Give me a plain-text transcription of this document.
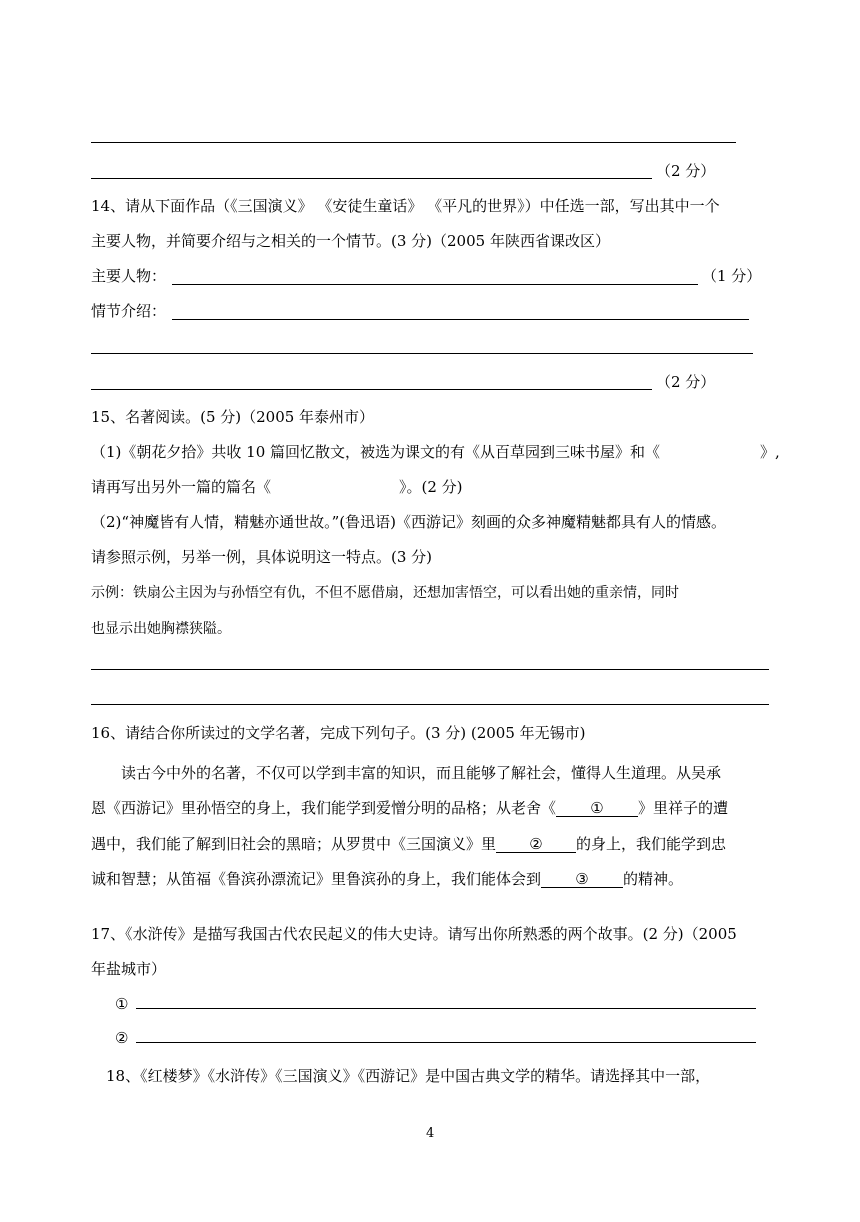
（2 分）
14、请从下面作品（《三国演义》 《安徒生童话》 《平凡的世界》）中任选一部，写出其中一个
主要人物，并简要介绍与之相关的一个情节。(3 分)（2005 年陕西省课改区）
主要人物：	（1 分）
情节介绍：
（2 分）
15、名著阅读。(5 分)（2005 年泰州市）
（1)《朝花夕拾》共收 10 篇回忆散文，被选为课文的有《从百草园到三味书屋》和《	》,
请再写出另外一篇的篇名《	》。(2 分)
（2)“神魔皆有人情，精魅亦通世故。”(鲁迅语)《西游记》刻画的众多神魔精魅都具有人的情感。
请参照示例，另举一例，具体说明这一特点。(3 分)
示例：铁扇公主因为与孙悟空有仇，不但不愿借扇，还想加害悟空，可以看出她的重亲情，同时
也显示出她胸襟狭隘。
16、请结合你所读过的文学名著，完成下列句子。(3 分) (2005 年无锡市)
读古今中外的名著，不仅可以学到丰富的知识，而且能够了解社会，懂得人生道理。从吴承
恩《西游记》里孙悟空的身上，我们能学到爱憎分明的品格；从老舍《 ① 》里祥子的遭
遇中，我们能了解到旧社会的黑暗；从罗贯中《三国演义》里 ② 的身上，我们能学到忠
诚和智慧；从笛福《鲁滨孙漂流记》里鲁滨孙的身上，我们能体会到 ③ 的精神。
17、《水浒传》是描写我国古代农民起义的伟大史诗。请写出你所熟悉的两个故事。(2 分)（2005
年盐城市）
①
②
18、《红楼梦》《水浒传》《三国演义》《西游记》是中国古典文学的精华。请选择其中一部，
4
